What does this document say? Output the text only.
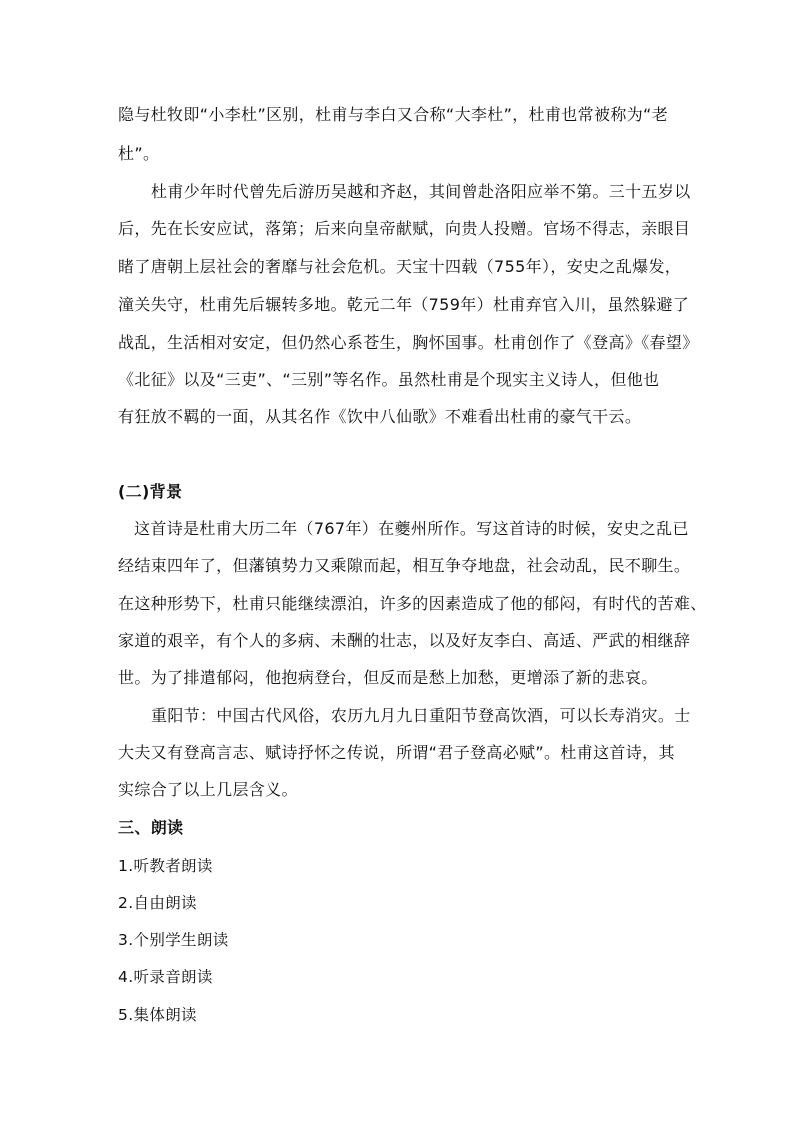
隐与杜牧即“小李杜”区别，杜甫与李白又合称“大李杜”，杜甫也常被称为“老
杜”。
杜甫少年时代曾先后游历吴越和齐赵，其间曾赴洛阳应举不第。三十五岁以
后，先在长安应试，落第；后来向皇帝献赋，向贵人投赠。官场不得志，亲眼目
睹了唐朝上层社会的奢靡与社会危机。天宝十四载（755年），安史之乱爆发，
潼关失守，杜甫先后辗转多地。乾元二年（759年）杜甫弃官入川，虽然躲避了
战乱，生活相对安定，但仍然心系苍生，胸怀国事。杜甫创作了《登高》《春望》
《北征》以及“三吏”、“三别”等名作。虽然杜甫是个现实主义诗人，但他也
有狂放不羁的一面，从其名作《饮中八仙歌》不难看出杜甫的豪气干云。
(二)背景
这首诗是杜甫大历二年（767年）在夔州所作。写这首诗的时候，安史之乱已
经结束四年了，但藩镇势力又乘隙而起，相互争夺地盘，社会动乱，民不聊生。
在这种形势下，杜甫只能继续漂泊，许多的因素造成了他的郁闷，有时代的苦难、
家道的艰辛，有个人的多病、未酬的壮志，以及好友李白、高适、严武的相继辞
世。为了排遣郁闷，他抱病登台，但反而是愁上加愁，更增添了新的悲哀。
重阳节：中国古代风俗，农历九月九日重阳节登高饮酒，可以长寿消灾。士
大夫又有登高言志、赋诗抒怀之传说，所谓“君子登高必赋”。杜甫这首诗，其
实综合了以上几层含义。
三、朗读
1.听教者朗读
2.自由朗读
3.个别学生朗读
4.听录音朗读
5.集体朗读
